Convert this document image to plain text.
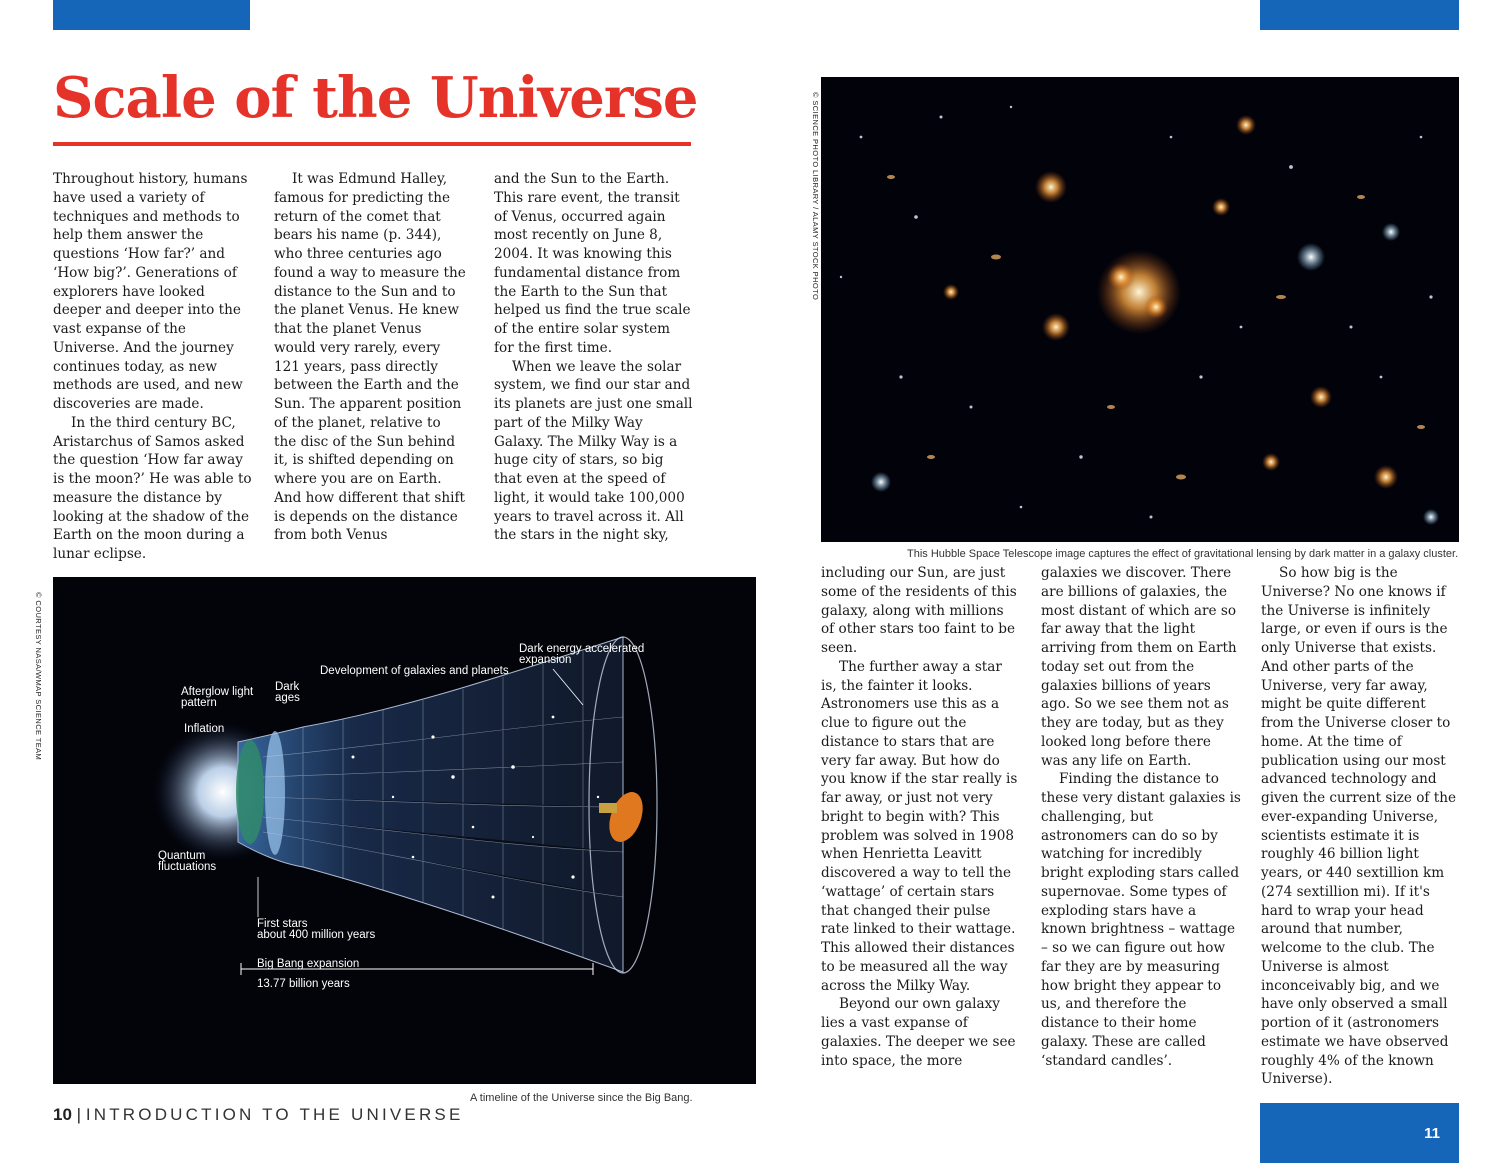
Scale of the Universe

Throughout history, humans have used a variety of techniques and methods to help them answer the questions ‘How far?’ and ‘How big?’. Generations of explorers have looked deeper and deeper into the vast expanse of the Universe. And the journey continues today, as new methods are used, and new discoveries are made.

In the third century BC, Aristarchus of Samos asked the question ‘How far away is the moon?’ He was able to measure the distance by looking at the shadow of the Earth on the moon during a lunar eclipse.

It was Edmund Halley, famous for predicting the return of the comet that bears his name (p. 344), who three centuries ago found a way to measure the distance to the Sun and to the planet Venus. He knew that the planet Venus would very rarely, every 121 years, pass directly between the Earth and the Sun. The apparent position of the planet, relative to the disc of the Sun behind it, is shifted depending on where you are on Earth. And how different that shift is depends on the distance from both Venus

and the Sun to the Earth. This rare event, the transit of Venus, occurred again most recently on June 8, 2004. It was knowing this fundamental distance from the Earth to the Sun that helped us find the true scale of the entire solar system for the first time.

When we leave the solar system, we find our star and its planets are just one small part of the Milky Way Galaxy. The Milky Way is a huge city of stars, so big that even at the speed of light, it would take 100,000 years to travel across it. All the stars in the night sky,

© COURTESY NASA/WMAP SCIENCE TEAM	Afterglow light
pattern
Dark
ages
Inflation
Development of galaxies and planets
Dark energy accelerated
expansion
Quantum
fluctuations
First stars
about 400 million years
Big Bang expansion
13.77 billion years
A timeline of the Universe since the Big Bang.
10 | INTRODUCTION TO THE UNIVERSE
© SCIENCE PHOTO LIBRARY / ALAMY STOCK PHOTO
This Hubble Space Telescope image captures the effect of gravitational lensing by dark matter in a galaxy cluster.

including our Sun, are just some of the residents of this galaxy, along with millions of other stars too faint to be seen.

The further away a star is, the fainter it looks. Astronomers use this as a clue to figure out the distance to stars that are very far away. But how do you know if the star really is far away, or just not very bright to begin with? This problem was solved in 1908 when Henrietta Leavitt discovered a way to tell the ‘wattage’ of certain stars that changed their pulse rate linked to their wattage. This allowed their distances to be measured all the way across the Milky Way.

Beyond our own galaxy lies a vast expanse of galaxies. The deeper we see into space, the more

galaxies we discover. There are billions of galaxies, the most distant of which are so far away that the light arriving from them on Earth today set out from the galaxies billions of years ago. So we see them not as they are today, but as they looked long before there was any life on Earth.

Finding the distance to these very distant galaxies is challenging, but astronomers can do so by watching for incredibly bright exploding stars called supernovae. Some types of exploding stars have a known brightness – wattage – so we can figure out how far they are by measuring how bright they appear to us, and therefore the distance to their home galaxy. These are called ‘standard candles’.

So how big is the Universe? No one knows if the Universe is infinitely large, or even if ours is the only Universe that exists. And other parts of the Universe, very far away, might be quite different from the Universe closer to home. At the time of publication using our most advanced technology and given the current size of the ever-expanding Universe, scientists estimate it is roughly 46 billion light years, or 440 sextillion km (274 sextillion mi). If it's hard to wrap your head around that number, welcome to the club. The Universe is almost inconceivably big, and we have only observed a small portion of it (astronomers estimate we have observed roughly 4% of the known Universe).

11
